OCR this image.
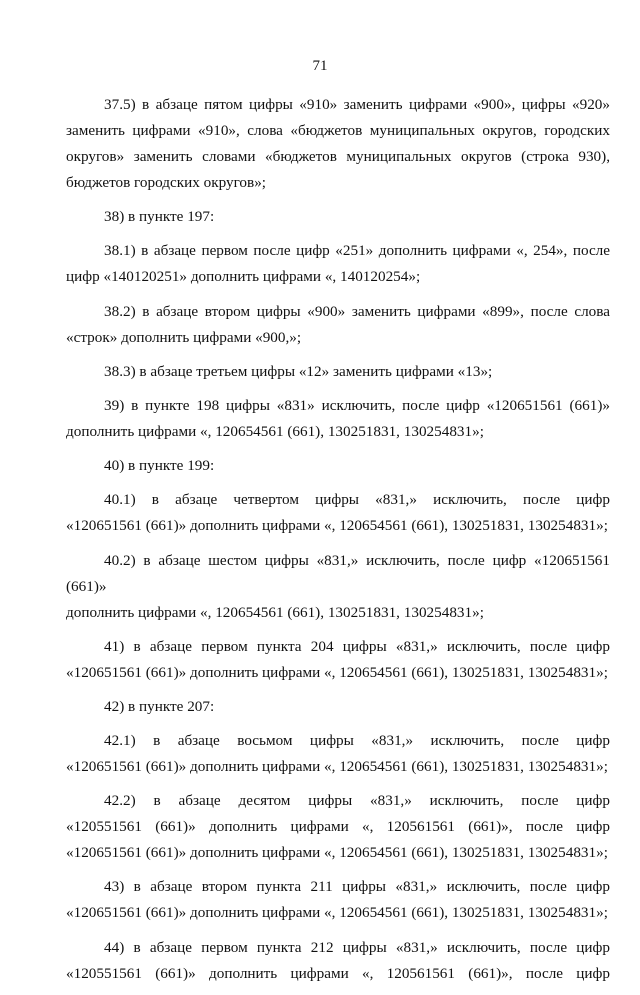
71
37.5) в абзаце пятом цифры «910» заменить цифрами «900», цифры «920»
заменить цифрами «910», слова «бюджетов муниципальных округов, городских
округов» заменить словами «бюджетов муниципальных округов (строка 930),
бюджетов городских округов»;
38) в пункте 197:
38.1) в абзаце первом после цифр «251» дополнить цифрами «, 254», после
цифр «140120251» дополнить цифрами «, 140120254»;
38.2) в абзаце втором цифры «900» заменить цифрами «899», после слова
«строк» дополнить цифрами «900,»;
38.3) в абзаце третьем цифры «12» заменить цифрами «13»;
39) в пункте 198 цифры «831» исключить, после цифр «120651561 (661)»
дополнить цифрами «, 120654561 (661), 130251831, 130254831»;
40) в пункте 199:
40.1) в абзаце четвертом цифры «831,» исключить, после цифр
«120651561 (661)» дополнить цифрами «, 120654561 (661), 130251831, 130254831»;
40.2) в абзаце шестом цифры «831,» исключить, после цифр «120651561 (661)»
дополнить цифрами «, 120654561 (661), 130251831, 130254831»;
41) в абзаце первом пункта 204 цифры «831,» исключить, после цифр
«120651561 (661)» дополнить цифрами «, 120654561 (661), 130251831, 130254831»;
42) в пункте 207:
42.1) в абзаце восьмом цифры «831,» исключить, после цифр
«120651561 (661)» дополнить цифрами «, 120654561 (661), 130251831, 130254831»;
42.2) в абзаце десятом цифры «831,» исключить, после цифр
«120551561 (661)» дополнить цифрами «, 120561561 (661)», после цифр
«120651561 (661)» дополнить цифрами «, 120654561 (661), 130251831, 130254831»;
43) в абзаце втором пункта 211 цифры «831,» исключить, после цифр
«120651561 (661)» дополнить цифрами «, 120654561 (661), 130251831, 130254831»;
44) в абзаце первом пункта 212 цифры «831,» исключить, после цифр
«120551561 (661)» дополнить цифрами «, 120561561 (661)», после цифр
